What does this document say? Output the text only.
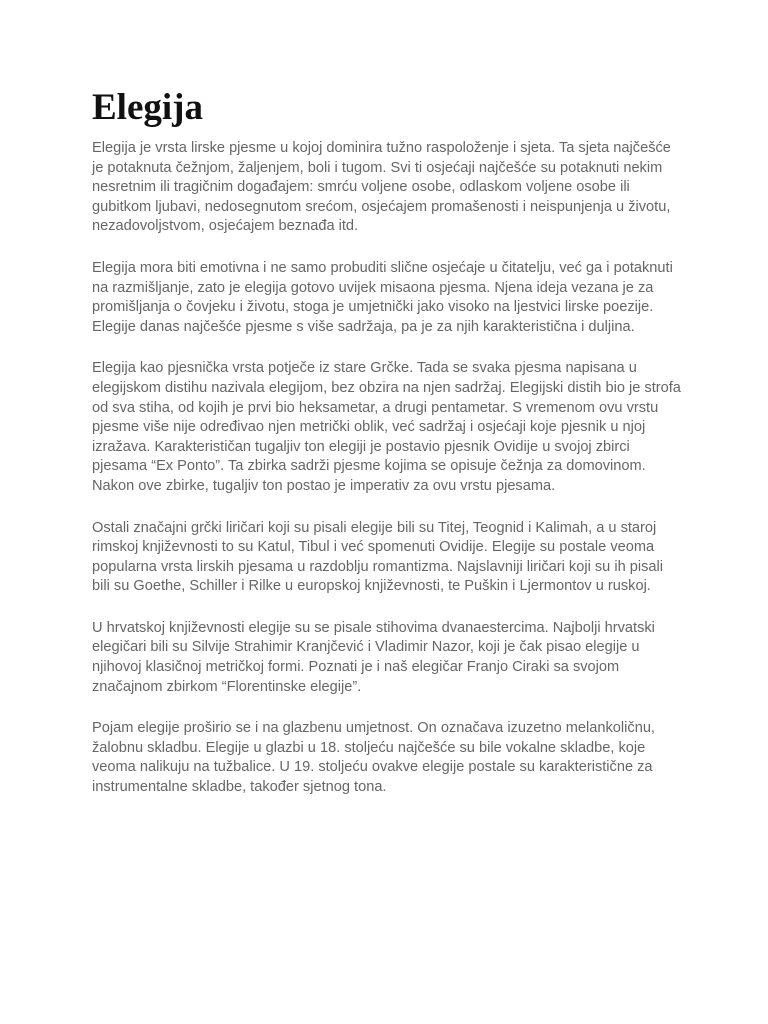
Elegija

Elegija je vrsta lirske pjesme u kojoj dominira tužno raspoloženje i sjeta. Ta sjeta najčešće je potaknuta čežnjom, žaljenjem, boli i tugom. Svi ti osjećaji najčešće su potaknuti nekim nesretnim ili tragičnim događajem: smrću voljene osobe, odlaskom voljene osobe ili gubitkom ljubavi, nedosegnutom srećom, osjećajem promašenosti i neispunjenja u životu, nezadovoljstvom, osjećajem beznađa itd.

Elegija mora biti emotivna i ne samo probuditi slične osjećaje u čitatelju, već ga i potaknuti na razmišljanje, zato je elegija gotovo uvijek misaona pjesma. Njena ideja vezana je za promišljanja o čovjeku i životu, stoga je umjetnički jako visoko na ljestvici lirske poezije. Elegije danas najčešće pjesme s više sadržaja, pa je za njih karakteristična i duljina.

Elegija kao pjesnička vrsta potječe iz stare Grčke. Tada se svaka pjesma napisana u elegijskom distihu nazivala elegijom, bez obzira na njen sadržaj. Elegijski distih bio je strofa od sva stiha, od kojih je prvi bio heksametar, a drugi pentametar. S vremenom ovu vrstu pjesme više nije određivao njen metrički oblik, već sadržaj i osjećaji koje pjesnik u njoj izražava. Karakterističan tugaljiv ton elegiji je postavio pjesnik Ovidije u svojoj zbirci pjesama “Ex Ponto”. Ta zbirka sadrži pjesme kojima se opisuje čežnja za domovinom. Nakon ove zbirke, tugaljiv ton postao je imperativ za ovu vrstu pjesama.

Ostali značajni grčki liričari koji su pisali elegije bili su Titej, Teognid i Kalimah, a u staroj rimskoj književnosti to su Katul, Tibul i već spomenuti Ovidije. Elegije su postale veoma popularna vrsta lirskih pjesama u razdoblju romantizma. Najslavniji liričari koji su ih pisali bili su Goethe, Schiller i Rilke u europskoj književnosti, te Puškin i Ljermontov u ruskoj.

U hrvatskoj književnosti elegije su se pisale stihovima dvanaestercima. Najbolji hrvatski elegičari bili su Silvije Strahimir Kranjčević i Vladimir Nazor, koji je čak pisao elegije u njihovoj klasičnoj metričkoj formi. Poznati je i naš elegičar Franjo Ciraki sa svojom značajnom zbirkom “Florentinske elegije”.

Pojam elegije proširio se i na glazbenu umjetnost. On označava izuzetno melankoličnu, žalobnu skladbu. Elegije u glazbi u 18. stoljeću najčešće su bile vokalne skladbe, koje veoma nalikuju na tužbalice. U 19. stoljeću ovakve elegije postale su karakteristične za instrumentalne skladbe, također sjetnog tona.
